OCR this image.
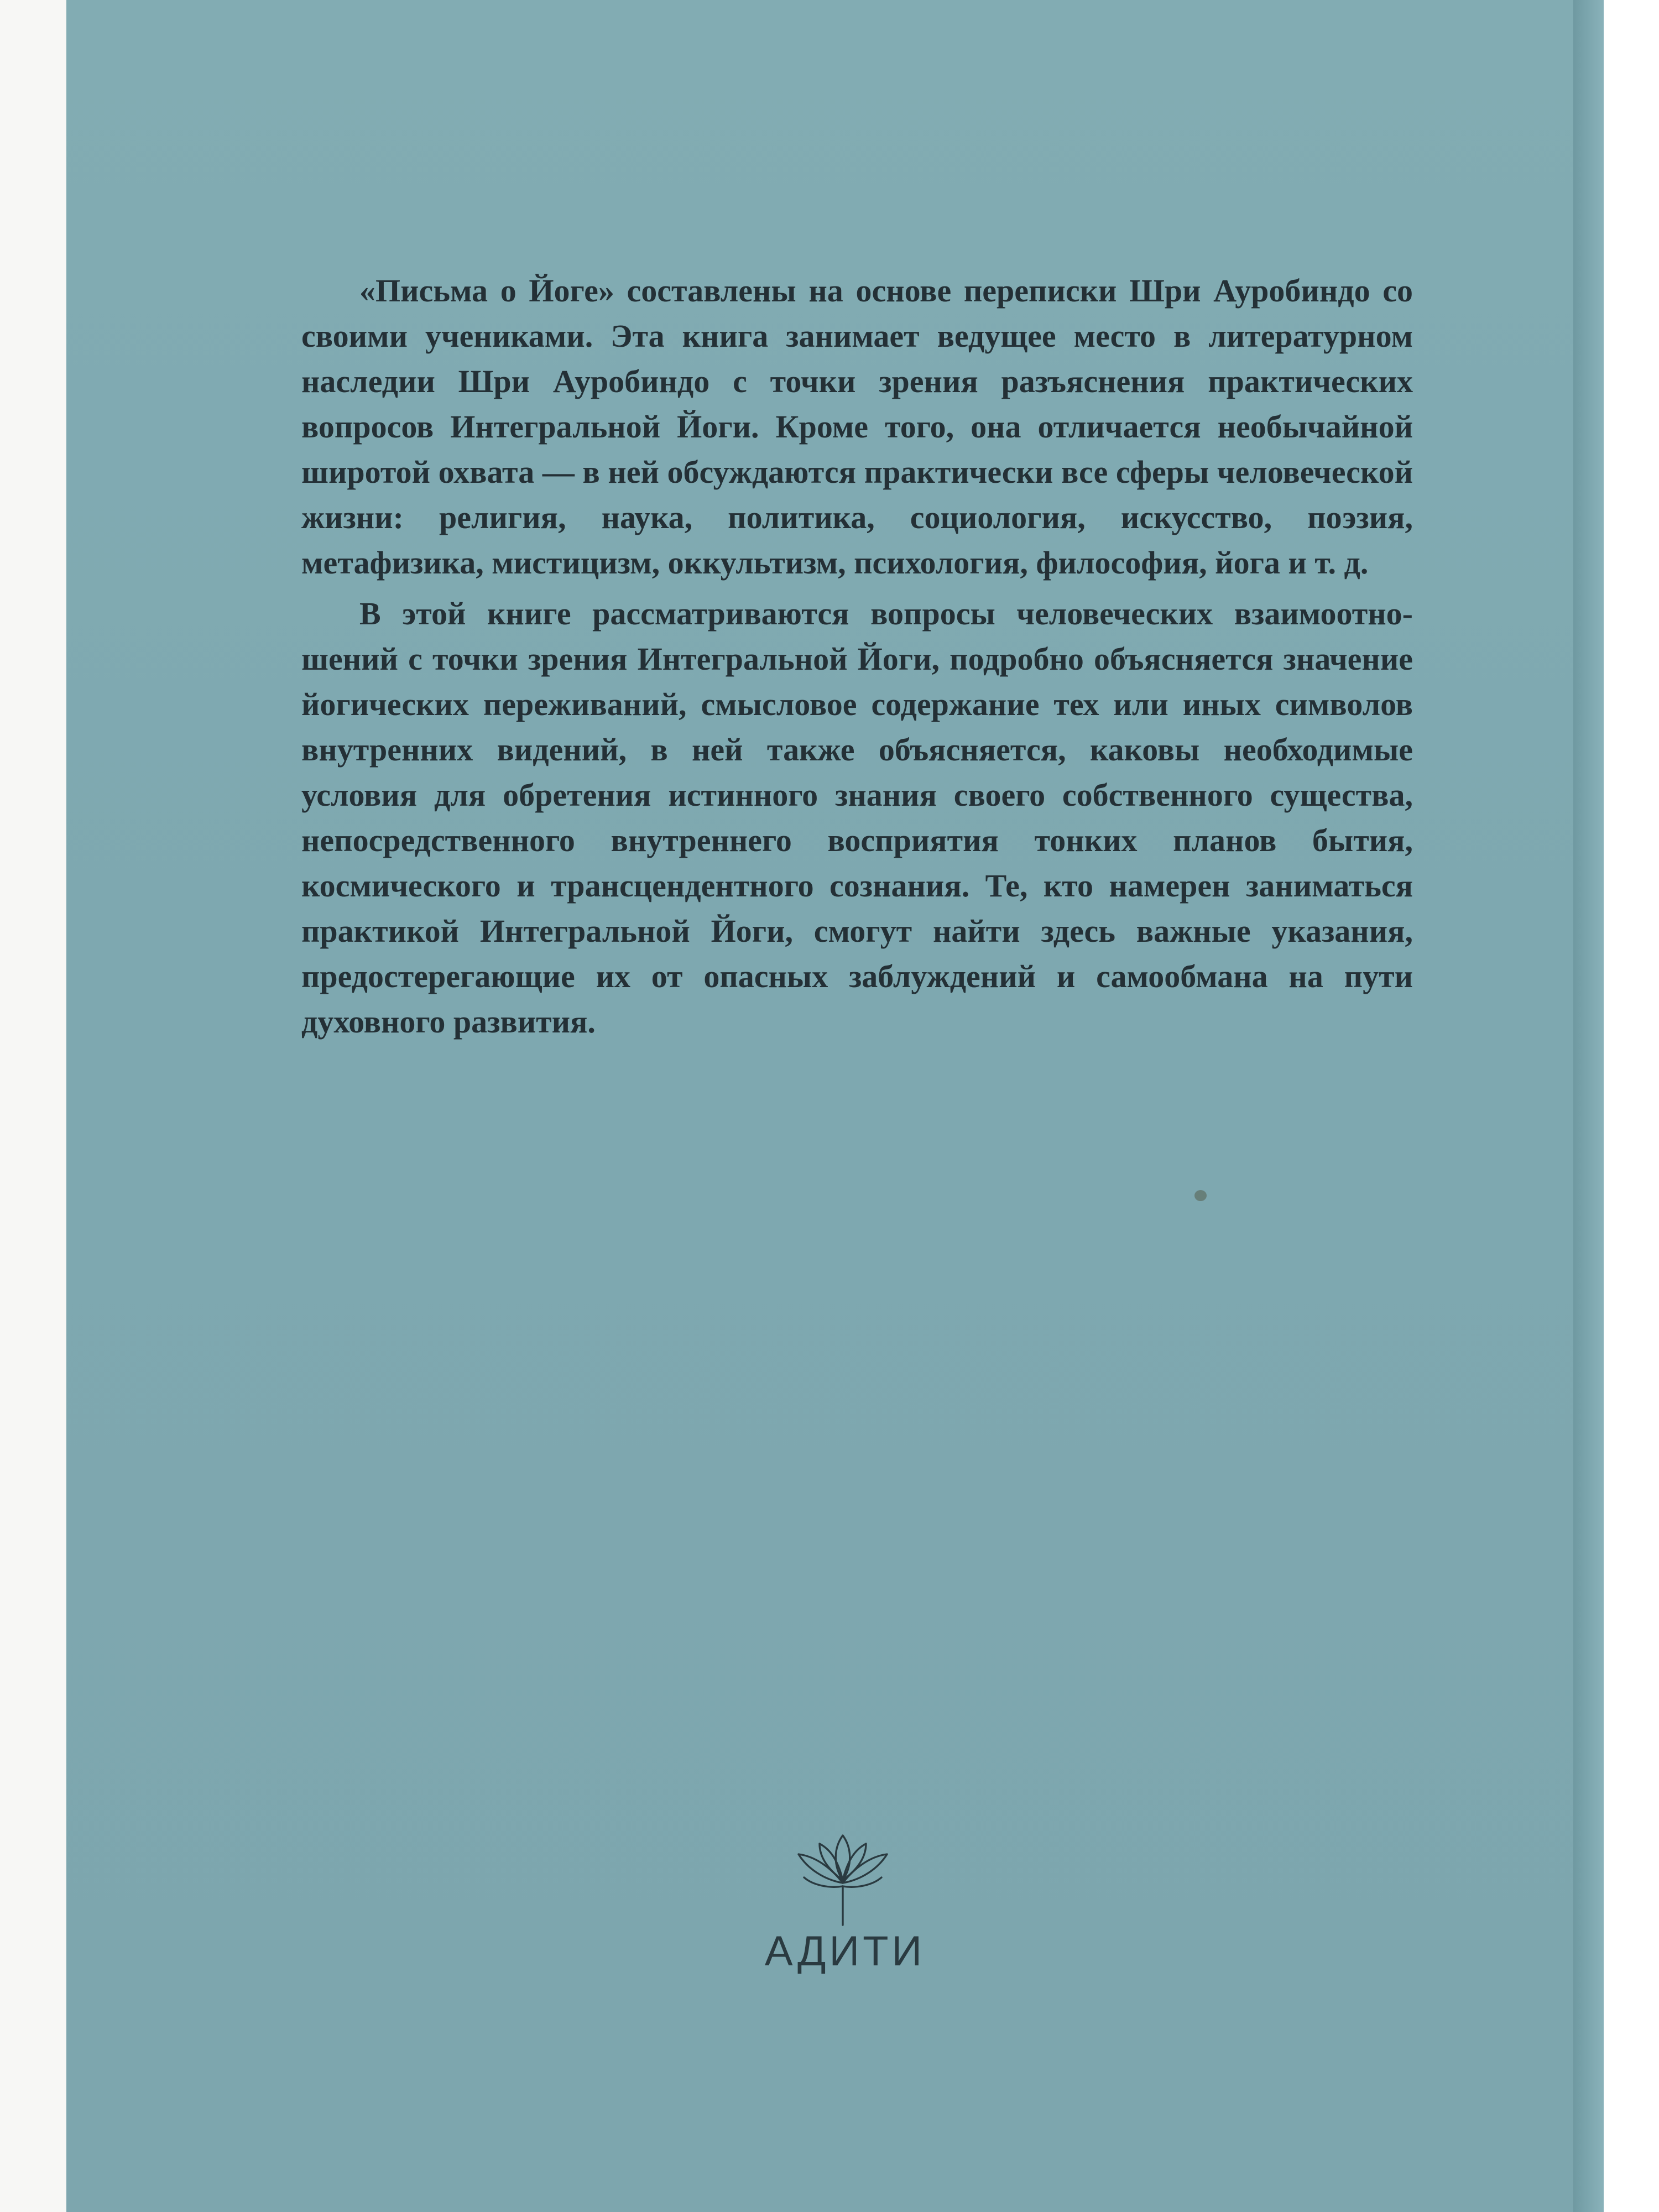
«Письма о Йоге» составлены на основе переписки Шри Ауробиндо со своими учениками. Эта книга занимает ведущее место в литературном наследии Шри Ауробиндо с точки зрения разъяснения практических вопросов Интегральной Йоги. Кроме того, она отличается необычайной широтой охвата — в ней обсуждаются практически все сферы человеческой жизни: религия, наука, политика, социология, искусство, поэзия, метафизика, мистицизм, оккультизм, психология, философия, йога и т. д.

В этой книге рассматриваются вопросы человеческих взаимоотношений с точки зрения Интегральной Йоги, подробно объясняется значение йогических переживаний, смысловое содержание тех или иных символов внутренних видений, в ней также объясняется, каковы необходимые условия для обретения истинного знания своего собственного существа, непосредственного внутреннего восприятия тонких планов бытия, космического и трансцендентного сознания. Те, кто намерен заниматься практикой Интегральной Йоги, смогут найти здесь важные указания, предостерегающие их от опасных заблуждений и самообмана на пути духовного развития.

АДИТИ
